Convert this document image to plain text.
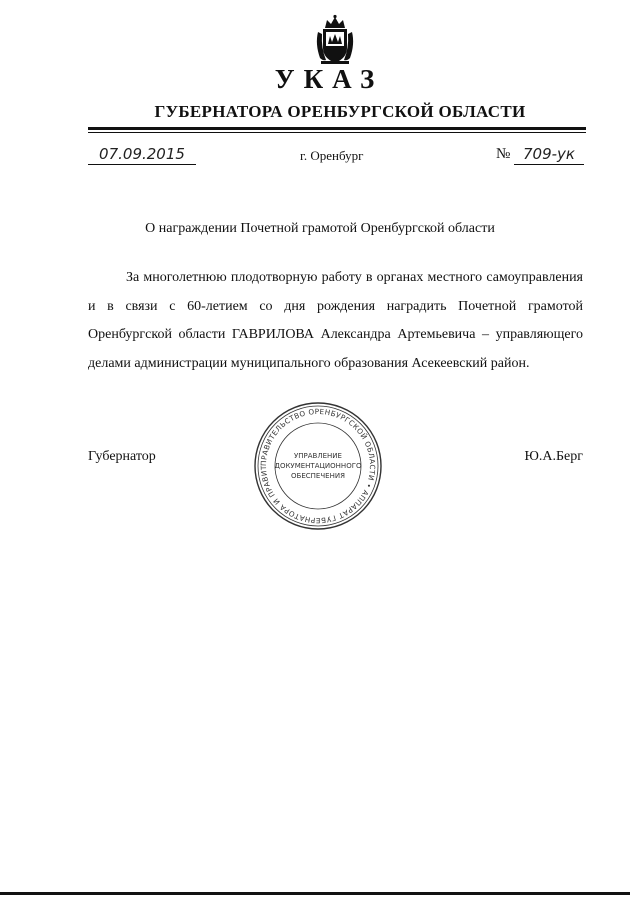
УКАЗ
ГУБЕРНАТОРА ОРЕНБУРГСКОЙ ОБЛАСТИ
07.09.2015	г. Оренбург	№ 709-ук
О награждении Почетной грамотой Оренбургской области

За многолетнюю плодотворную работу в органах местного самоуправления и в связи с 60-летием со дня рождения наградить Почетной грамотой Оренбургской области ГАВРИЛОВА Александра Артемьевича – управляющего делами администрации муниципального образования Асекеевский район.

Губернатор	Ю.А.Берг
ПРАВИТЕЛЬСТВО ОРЕНБУРГСКОЙ ОБЛАСТИ • АППАРАТ ГУБЕРНАТОРА И ПРАВИТ
УПРАВЛЕНИЕ
ДОКУМЕНТАЦИОННОГО
ОБЕСПЕЧЕНИЯ
